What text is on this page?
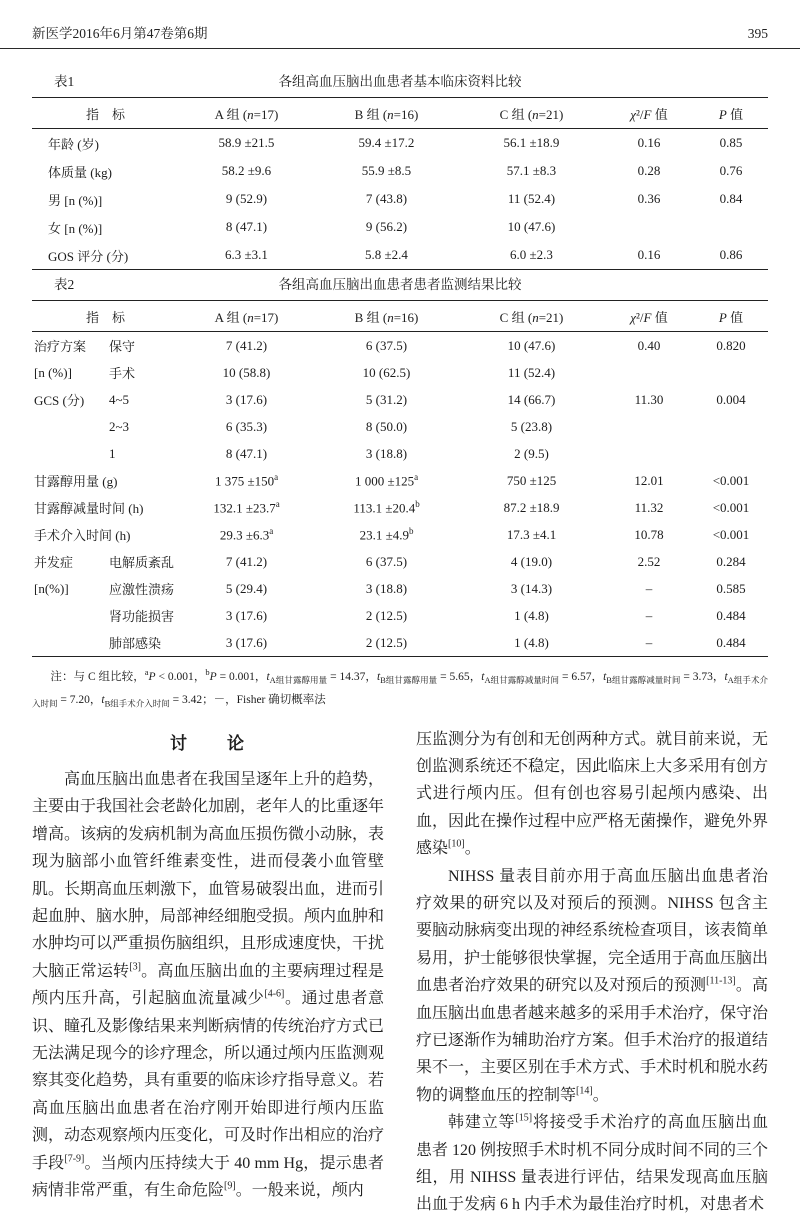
新医学2016年6月第47卷第6期	395
表1	各组高血压脑出血患者基本临床资料比较
指　标	A 组 (n=17)	B 组 (n=16)	C 组 (n=21)	χ²/F 值	P 值
年龄 (岁)	58.9 ±21.5	59.4 ±17.2	56.1 ±18.9	0.16	0.85
体质量 (kg)	58.2 ±9.6	55.9 ±8.5	57.1 ±8.3	0.28	0.76
男 [n (%)]	9 (52.9)	7 (43.8)	11 (52.4)	0.36	0.84
女 [n (%)]	8 (47.1)	9 (56.2)	10 (47.6)		
GOS 评分 (分)	6.3 ±3.1	5.8 ±2.4	6.0 ±2.3	0.16	0.86
表2	各组高血压脑出血患者患者监测结果比较
指　标		A 组 (n=17)	B 组 (n=16)	C 组 (n=21)	χ²/F 值	P 值
治疗方案	保守	7 (41.2)	6 (37.5)	10 (47.6)	0.40	0.820
[n (%)]	手术	10 (58.8)	10 (62.5)	11 (52.4)		
GCS (分)	4~5	3 (17.6)	5 (31.2)	14 (66.7)	11.30	0.004
	2~3	6 (35.3)	8 (50.0)	5 (23.8)		
	1	8 (47.1)	3 (18.8)	2 (9.5)		
甘露醇用量 (g)		1 $375 \pm 150^a$	1 $000 \pm 125^a$	750 ±125	12.01	<0.001
甘露醇减量时间 (h)		132.1 ±23.7$^a$	113.1 ±20.4$^b$	87.2 ±18.9	11.32	<0.001
手术介入时间 (h)		29.3 ±6.3$^a$	23.1 ±4.9$^b$	17.3 ±4.1	10.78	<0.001
并发症	电解质紊乱	7 (41.2)	6 (37.5)	4 (19.0)	2.52	0.284
[n(%)]	应激性溃疡	5 (29.4)	3 (18.8)	3 (14.3)	–	0.585
	肾功能损害	3 (17.6)	2 (12.5)	1 (4.8)	–	0.484
	肺部感染	3 (17.6)	2 (12.5)	1 (4.8)	–	0.484
注：与 C 组比较，$^a$P < 0.001，$^b$P = 0.001，$t_{A组甘露醇用量} = 14.37$，$t_{B组甘露醇用量} = 5.65$，$t_{A组甘露醇减量时间} = 6.57$，$t_{B组甘露醇减量时间} = 3.73$，$t_{A组手术介入时间} = 7.20$，$t_{B组手术介入时间} = 3.42$；－，Fisher 确切概率法
讨　　论

高血压脑出血患者在我国呈逐年上升的趋势，主要由于我国社会老龄化加剧，老年人的比重逐年增高。该病的发病机制为高血压损伤微小动脉，表现为脑部小血管纤维素变性，进而侵袭小血管壁肌。长期高血压刺激下，血管易破裂出血，进而引起血肿、脑水肿，局部神经细胞受损。颅内血肿和水肿均可以严重损伤脑组织，且形成速度快，干扰大脑正常运转[3]。高血压脑出血的主要病理过程是颅内压升高，引起脑血流量减少[4-6]。通过患者意识、瞳孔及影像结果来判断病情的传统治疗方式已无法满足现今的诊疗理念，所以通过颅内压监测观察其变化趋势，具有重要的临床诊疗指导意义。若高血压脑出血患者在治疗刚开始即进行颅内压监测，动态观察颅内压变化，可及时作出相应的治疗手段[7-9]。当颅内压持续大于 40 mm Hg，提示患者病情非常严重，有生命危险[9]。一般来说，颅内

压监测分为有创和无创两种方式。就目前来说，无创监测系统还不稳定，因此临床上大多采用有创方式进行颅内压。但有创也容易引起颅内感染、出血，因此在操作过程中应严格无菌操作，避免外界感染[10]。

NIHSS 量表目前亦用于高血压脑出血患者治疗效果的研究以及对预后的预测。NIHSS 包含主要脑动脉病变出现的神经系统检查项目，该表简单易用，护士能够很快掌握，完全适用于高血压脑出血患者治疗效果的研究以及对预后的预测[11-13]。高血压脑出血患者越来越多的采用手术治疗，保守治疗已逐渐作为辅助治疗方案。但手术治疗的报道结果不一，主要区别在手术方式、手术时机和脱水药物的调整血压的控制等[14]。

韩建立等[15]将接受手术治疗的高血压脑出血患者 120 例按照手术时机不同分成时间不同的三个组，用 NIHSS 量表进行评估，结果发现高血压脑出血于发病 6 h 内手术为最佳治疗时机，对患者术
